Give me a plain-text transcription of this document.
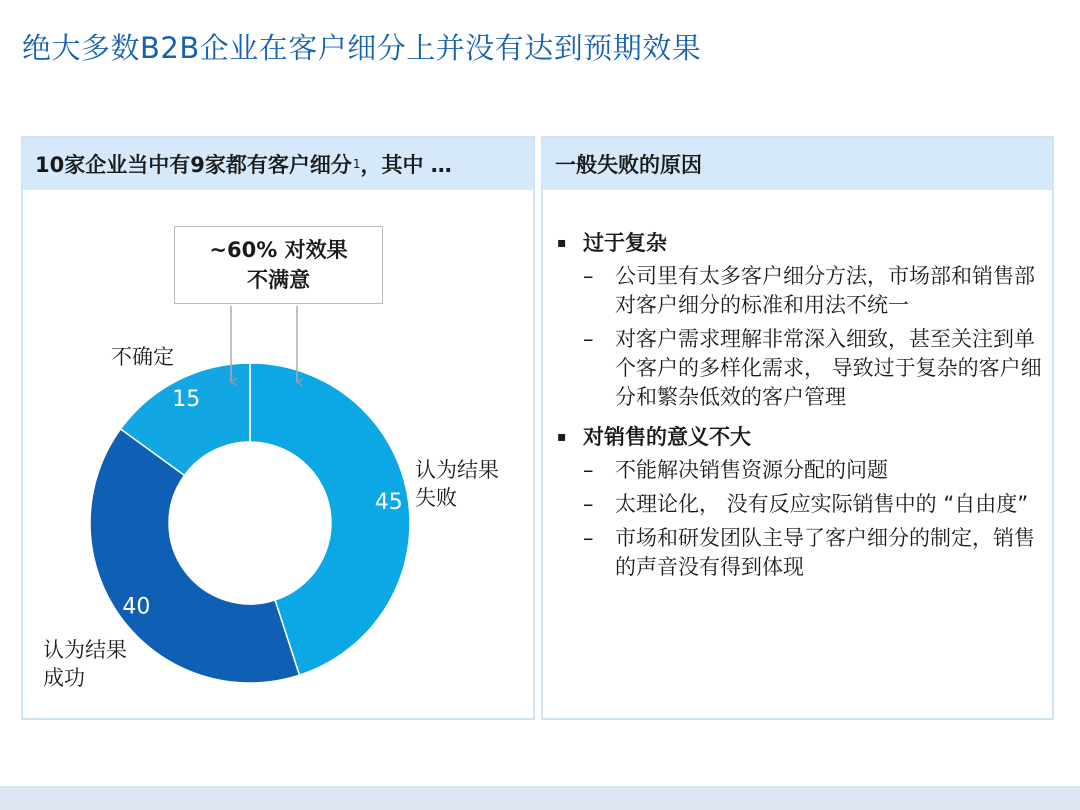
绝大多数B2B企业在客户细分上并没有达到预期效果
10家企业当中有9家都有客户细分 1 ，其中 …
45
40
15
~60% 对效果
不满意
不确定
认为结果
失败
认为结果
成功
一般失败的原因
▪ 过于复杂
– 公司里有太多客户细分方法，市场部和销售部对客户细分的标准和用法不统一
– 对客户需求理解非常深入细致，甚至关注到单个客户的多样化需求， 导致过于复杂的客户细分和繁杂低效的客户管理
▪ 对销售的意义不大
– 不能解决销售资源分配的问题
– 太理论化， 没有反应实际销售中的 “自由度”
– 市场和研发团队主导了客户细分的制定，销售的声音没有得到体现
